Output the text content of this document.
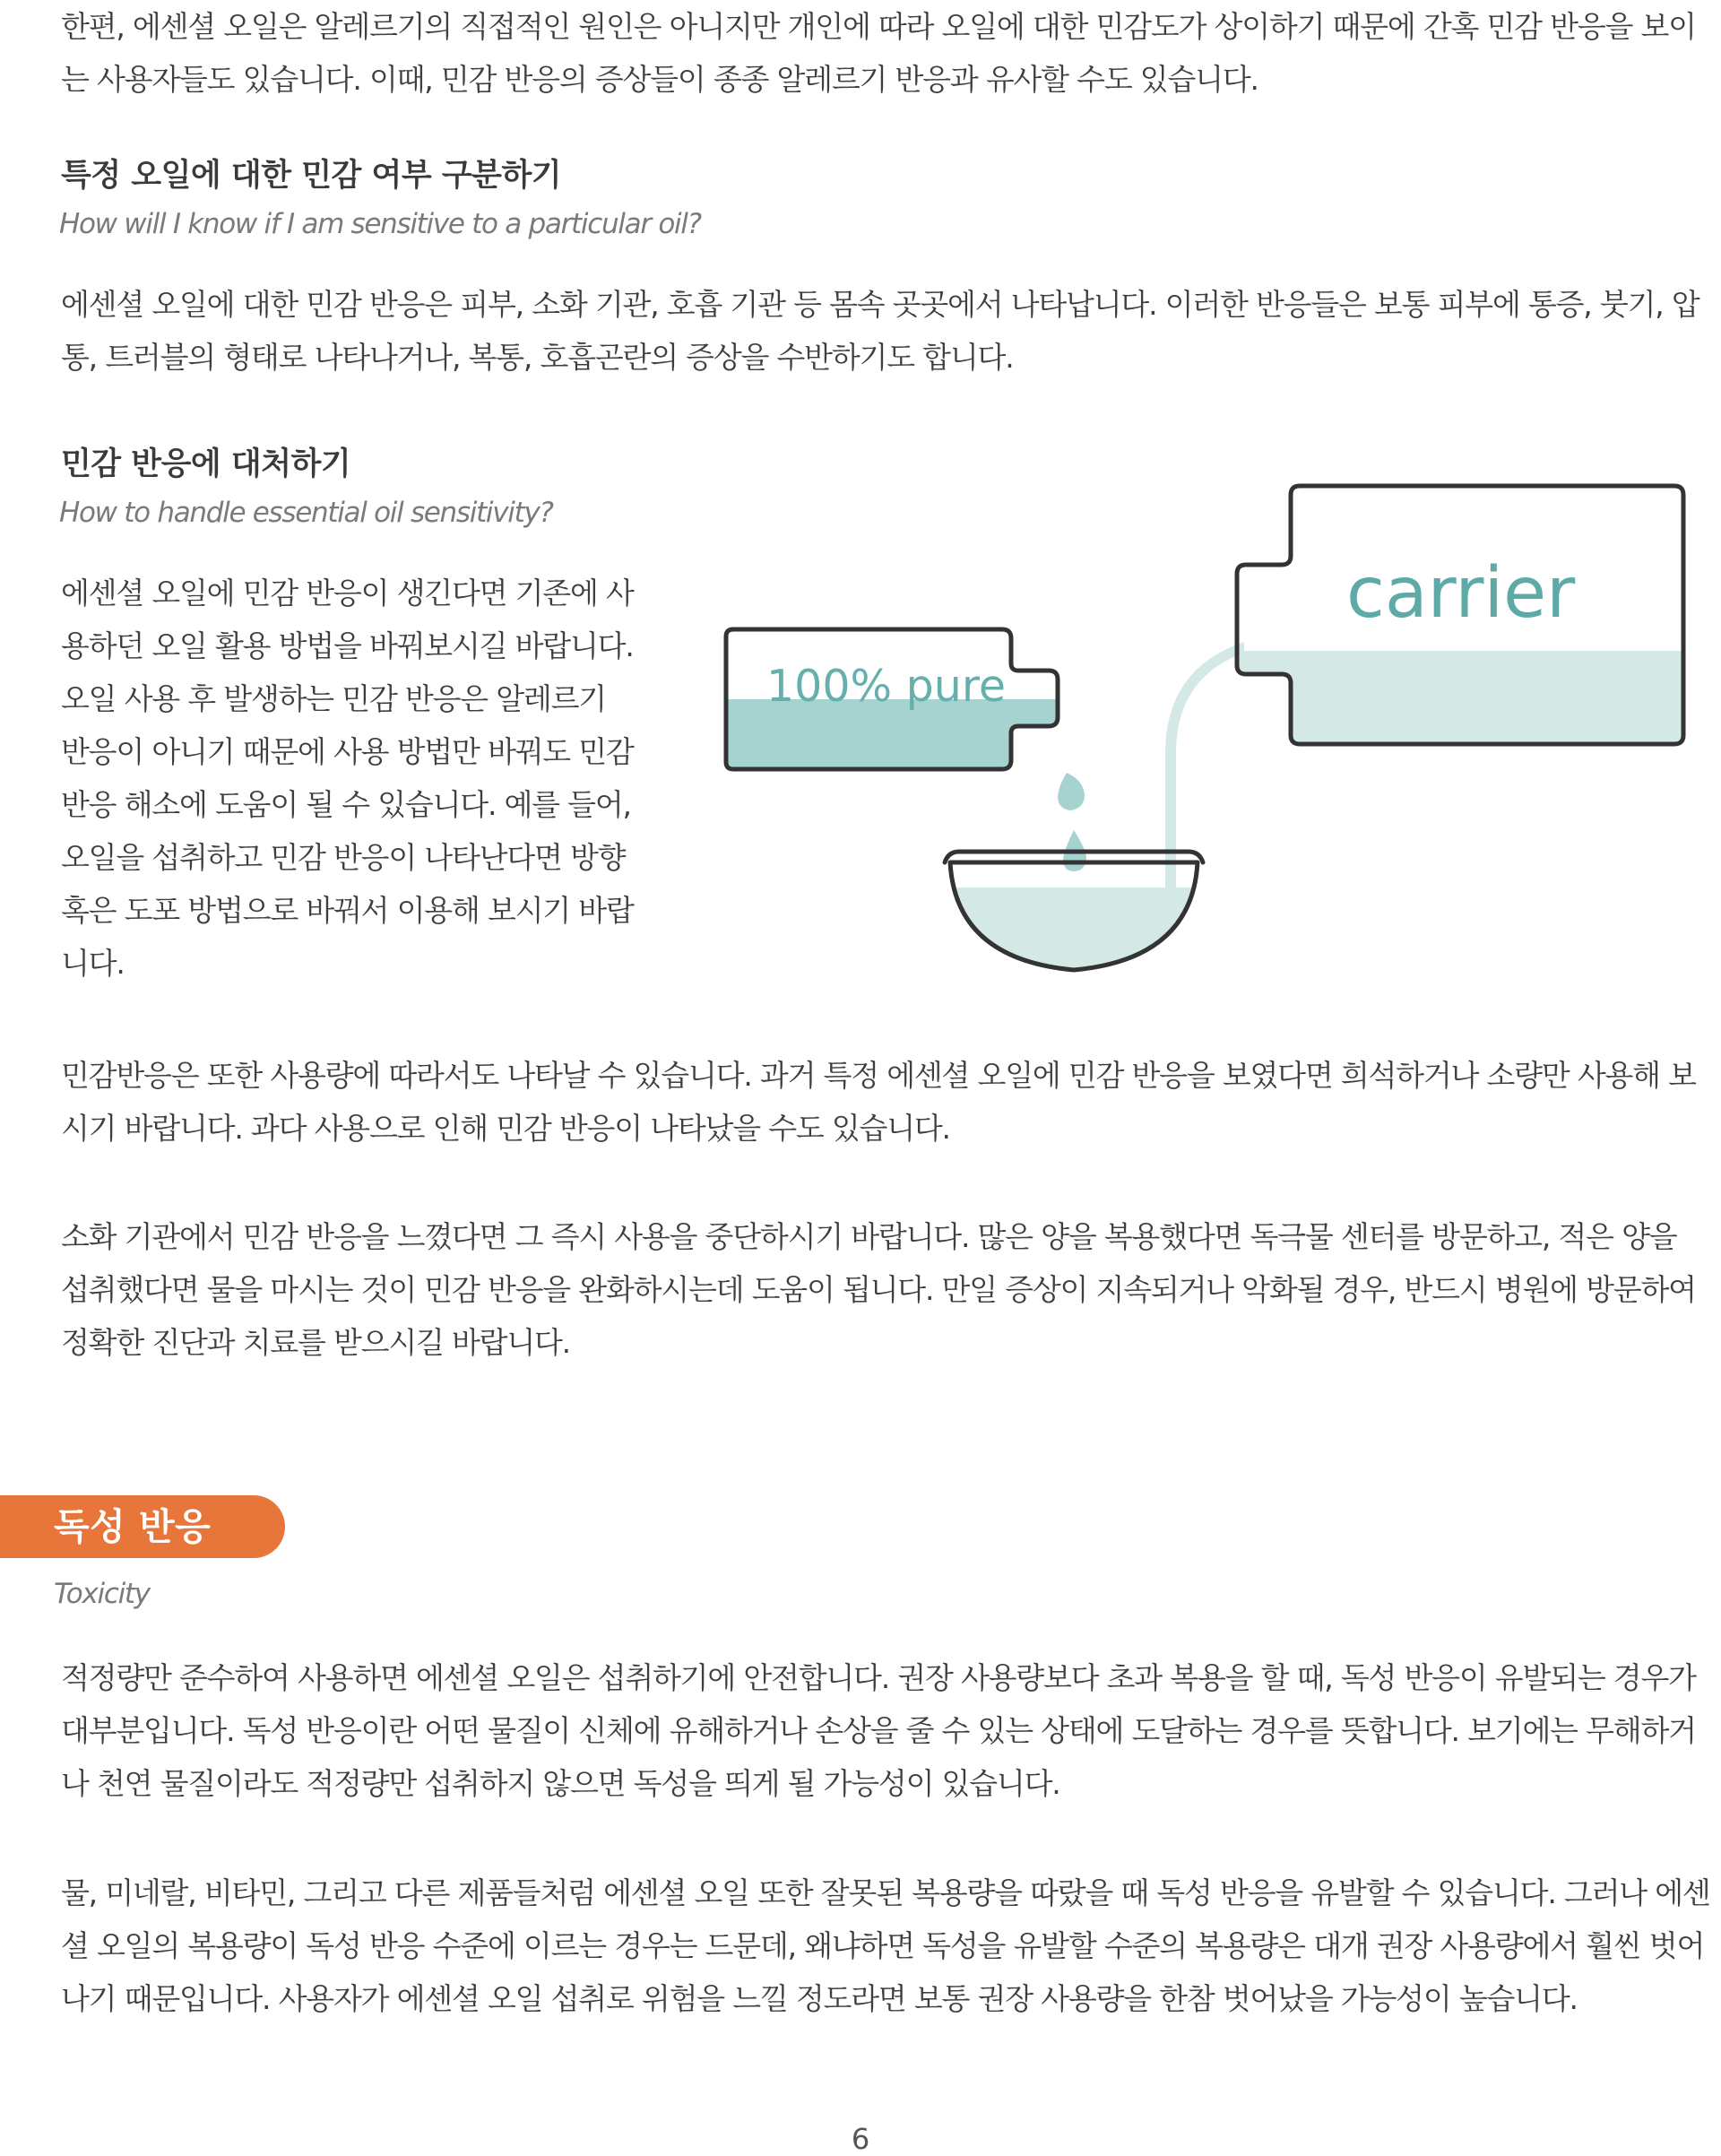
한편, 에센셜 오일은 알레르기의 직접적인 원인은 아니지만 개인에 따라 오일에 대한 민감도가 상이하기 때문에 간혹 민감 반응을 보이는 사용자들도 있습니다. 이때, 민감 반응의 증상들이 종종 알레르기 반응과 유사할 수도 있습니다.

특정 오일에 대한 민감 여부 구분하기

How will I know if I am sensitive to a particular oil?

에센셜 오일에 대한 민감 반응은 피부, 소화 기관, 호흡 기관 등 몸속 곳곳에서 나타납니다. 이러한 반응들은 보통 피부에 통증, 붓기, 압통, 트러블의 형태로 나타나거나, 복통, 호흡곤란의 증상을 수반하기도 합니다.

민감 반응에 대처하기

How to handle essential oil sensitivity?

에센셜 오일에 민감 반응이 생긴다면 기존에 사용하던 오일 활용 방법을 바꿔보시길 바랍니다. 오일 사용 후 발생하는 민감 반응은 알레르기 반응이 아니기 때문에 사용 방법만 바꿔도 민감 반응 해소에 도움이 될 수 있습니다. 예를 들어, 오일을 섭취하고 민감 반응이 나타난다면 방향 혹은 도포 방법으로 바꿔서 이용해 보시기 바랍니다.

100% pure
carrier

민감반응은 또한 사용량에 따라서도 나타날 수 있습니다. 과거 특정 에센셜 오일에 민감 반응을 보였다면 희석하거나 소량만 사용해 보시기 바랍니다. 과다 사용으로 인해 민감 반응이 나타났을 수도 있습니다.

소화 기관에서 민감 반응을 느꼈다면 그 즉시 사용을 중단하시기 바랍니다. 많은 양을 복용했다면 독극물 센터를 방문하고, 적은 양을 섭취했다면 물을 마시는 것이 민감 반응을 완화하시는데 도움이 됩니다. 만일 증상이 지속되거나 악화될 경우, 반드시 병원에 방문하여 정확한 진단과 치료를 받으시길 바랍니다.

독성 반응

Toxicity

적정량만 준수하여 사용하면 에센셜 오일은 섭취하기에 안전합니다. 권장 사용량보다 초과 복용을 할 때, 독성 반응이 유발되는 경우가 대부분입니다. 독성 반응이란 어떤 물질이 신체에 유해하거나 손상을 줄 수 있는 상태에 도달하는 경우를 뜻합니다. 보기에는 무해하거나 천연 물질이라도 적정량만 섭취하지 않으면 독성을 띄게 될 가능성이 있습니다.

물, 미네랄, 비타민, 그리고 다른 제품들처럼 에센셜 오일 또한 잘못된 복용량을 따랐을 때 독성 반응을 유발할 수 있습니다. 그러나 에센셜 오일의 복용량이 독성 반응 수준에 이르는 경우는 드문데, 왜냐하면 독성을 유발할 수준의 복용량은 대개 권장 사용량에서 훨씬 벗어나기 때문입니다. 사용자가 에센셜 오일 섭취로 위험을 느낄 정도라면 보통 권장 사용량을 한참 벗어났을 가능성이 높습니다.

6
